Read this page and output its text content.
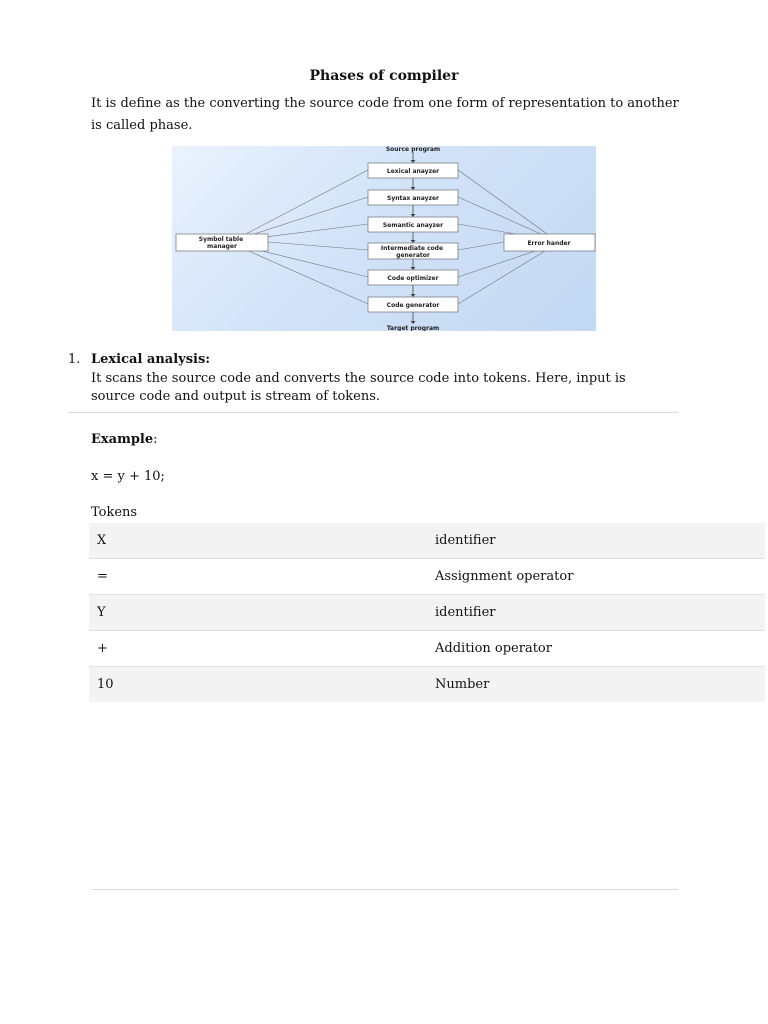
Phases of compiler
It is define as the converting the source code from one form of representation to another is called phase.
Source program
Lexical anayzer
Syntax anayzer
Semantic anayzer
Intermediate code generator
Code optimizer
Code generator
Target program
Symbol table manager	Error hander
1. Lexical analysis:
It scans the source code and converts the source code into tokens. Here, input is source code and output is stream of tokens.
Example:
x = y + 10;
Tokens
X	identifier
=	Assignment operator
Y	identifier
+	Addition operator
10	Number
